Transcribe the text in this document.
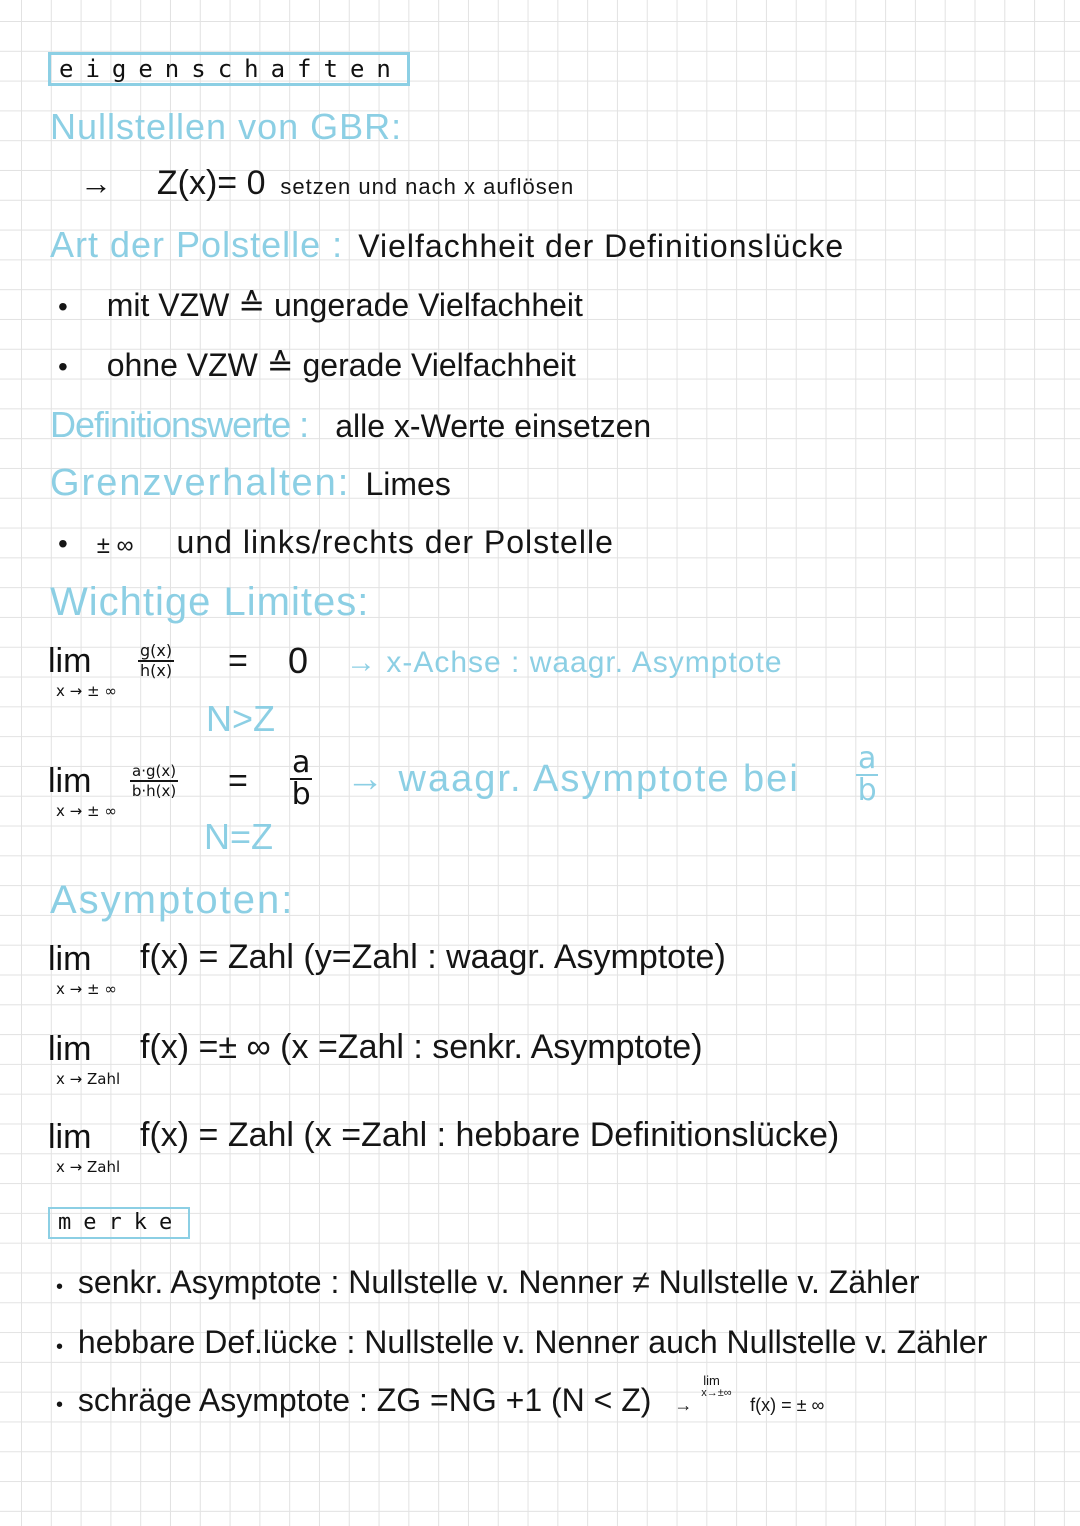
eigenschaften
Nullstellen von GBR:
→ Z(x)= 0 setzen und nach x auflösen
Art der Polstelle : Vielfachheit der Definitionslücke
• mit VZW ≙ ungerade Vielfachheit
• ohne VZW ≙ gerade Vielfachheit
Definitionswerte : alle x-Werte einsetzen
Grenzverhalten: Limes
• ± ∞ und links/rechts der Polstelle
Wichtige Limites:
lim
x → ± ∞
$\frac{g(x)}{h(x)} = 0$ → x-Achse : waagr. Asymptote
N>Z
lim
x → ± ∞
$\frac{a\cdot g(x)}{b\cdot h(x)} = \frac{a}{b}$ → waagr. Asymptote bei $\frac{a}{b}$
N=Z
Asymptoten:
lim
x → ± ∞
f(x) = Zahl (y=Zahl : waagr. Asymptote)
lim
x → Zahl
f(x) =± ∞ (x =Zahl : senkr. Asymptote)
lim
x → Zahl
f(x) = Zahl (x =Zahl : hebbare Definitionslücke)
merke
• senkr. Asymptote : Nullstelle v. Nenner ≠ Nullstelle v. Zähler
• hebbare Def.lücke : Nullstelle v. Nenner auch Nullstelle v. Zähler
• schräge Asymptote : ZG =NG +1 (N < Z) →
lim
x→±∞
f(x) = ± ∞
